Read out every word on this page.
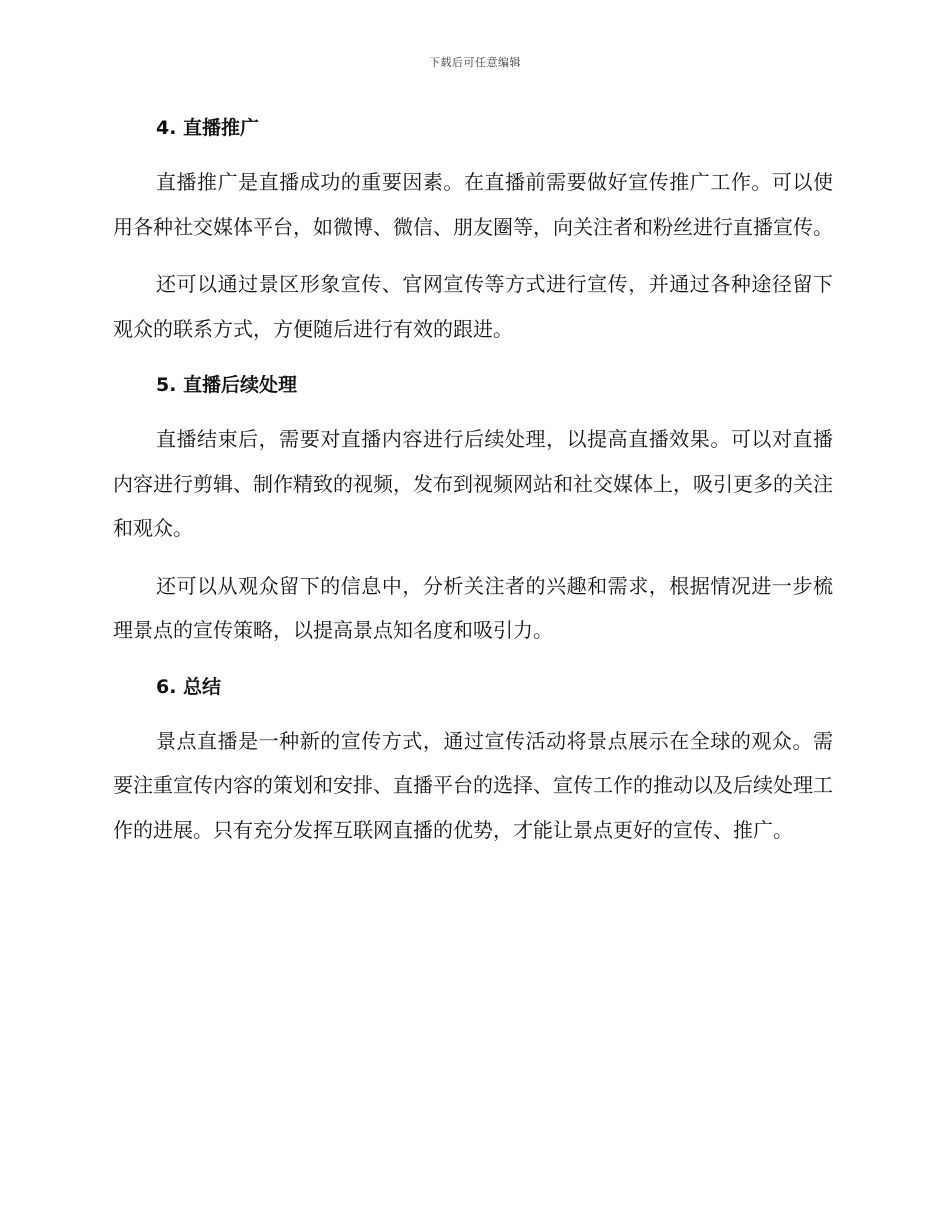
下载后可任意编辑
4. 直播推广

直播推广是直播成功的重要因素。在直播前需要做好宣传推广工作。可以使用各种社交媒体平台，如微博、微信、朋友圈等，向关注者和粉丝进行直播宣传。

还可以通过景区形象宣传、官网宣传等方式进行宣传，并通过各种途径留下观众的联系方式，方便随后进行有效的跟进。

5. 直播后续处理

直播结束后，需要对直播内容进行后续处理，以提高直播效果。可以对直播内容进行剪辑、制作精致的视频，发布到视频网站和社交媒体上，吸引更多的关注和观众。

还可以从观众留下的信息中，分析关注者的兴趣和需求，根据情况进一步梳理景点的宣传策略，以提高景点知名度和吸引力。

6. 总结

景点直播是一种新的宣传方式，通过宣传活动将景点展示在全球的观众。需要注重宣传内容的策划和安排、直播平台的选择、宣传工作的推动以及后续处理工作的进展。只有充分发挥互联网直播的优势，才能让景点更好的宣传、推广。
